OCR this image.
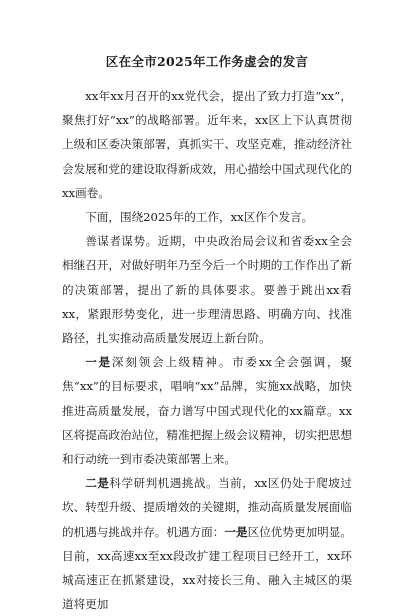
区在全市2025年工作务虚会的发言

xx年xx月召开的xx党代会，提出了致力打造“xx”，聚焦打好“xx”的战略部署。近年来，xx区上下认真贯彻上级和区委决策部署，真抓实干、攻坚克难，推动经济社会发展和党的建设取得新成效，用心描绘中国式现代化的xx画卷。

下面，围绕2025年的工作，xx区作个发言。

善谋者谋势。近期，中央政治局会议和省委xx全会相继召开，对做好明年乃至今后一个时期的工作作出了新的决策部署，提出了新的具体要求。要善于跳出xx看xx，紧跟形势变化，进一步理清思路、明确方向、找准路径，扎实推动高质量发展迈上新台阶。

一是深刻领会上级精神。市委xx全会强调，聚焦“xx”的目标要求，唱响“xx”品牌，实施xx战略，加快推进高质量发展，奋力谱写中国式现代化的xx篇章。xx区将提高政治站位，精准把握上级会议精神，切实把思想和行动统一到市委决策部署上来。

二是科学研判机遇挑战。当前，xx区仍处于爬坡过坎、转型升级、提质增效的关键期，推动高质量发展面临的机遇与挑战并存。机遇方面：一是区位优势更加明显。目前，xx高速xx至xx段改扩建工程项目已经开工，xx环城高速正在抓紧建设，xx对接长三角、融入主城区的渠道将更加
